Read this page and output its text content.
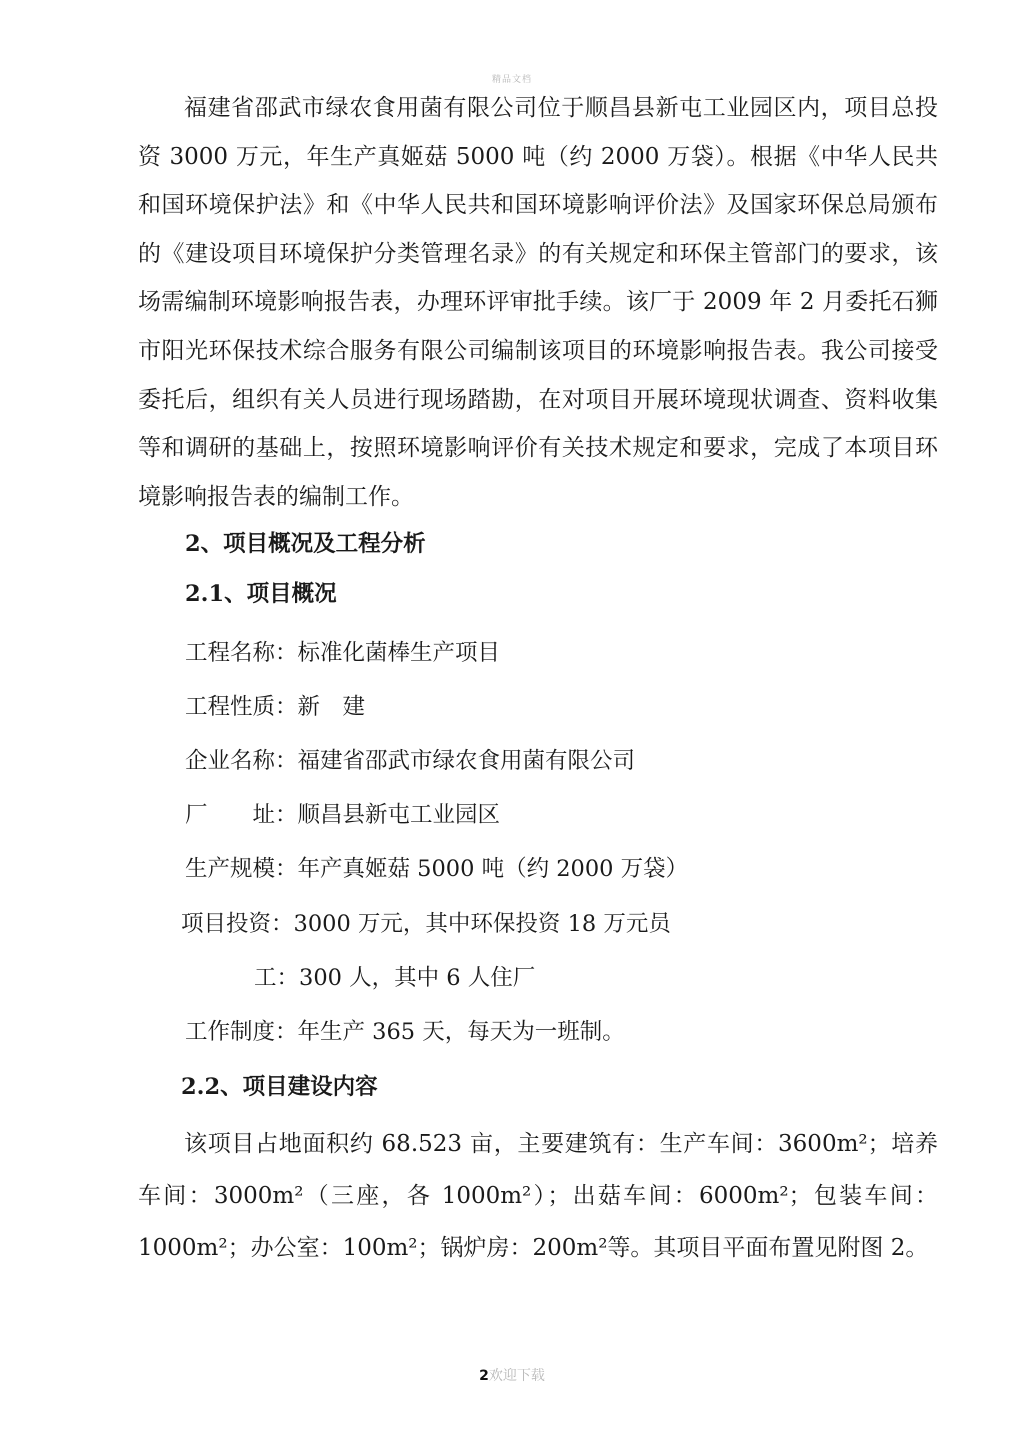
精品文档

福建省邵武市绿农食用菌有限公司位于顺昌县新屯工业园区内，项目总投资 3000 万元，年生产真姬菇 5000 吨（约 2000 万袋）。根据《中华人民共和国环境保护法》和《中华人民共和国环境影响评价法》及国家环保总局颁布的《建设项目环境保护分类管理名录》的有关规定和环保主管部门的要求，该场需编制环境影响报告表，办理环评审批手续。该厂于 2009 年 2 月委托石狮市阳光环保技术综合服务有限公司编制该项目的环境影响报告表。我公司接受委托后，组织有关人员进行现场踏勘，在对项目开展环境现状调查、资料收集等和调研的基础上，按照环境影响评价有关技术规定和要求，完成了本项目环境影响报告表的编制工作。

2、项目概况及工程分析
2.1、项目概况
工程名称：标准化菌棒生产项目
工程性质：新　建
企业名称：福建省邵武市绿农食用菌有限公司
厂　　址：顺昌县新屯工业园区
生产规模：年产真姬菇 5000 吨（约 2000 万袋）
项目投资：3000 万元，其中环保投资 18 万元员
工：300 人，其中 6 人住厂
工作制度：年生产 365 天，每天为一班制。
2.2、项目建设内容

该项目占地面积约 68.523 亩，主要建筑有：生产车间：3600m²；培养车间：3000m²（三座，各 1000m²）；出菇车间：6000m²；包装车间：1000m²；办公室：100m²；锅炉房：200m²等。其项目平面布置见附图 2。

2欢迎下载
